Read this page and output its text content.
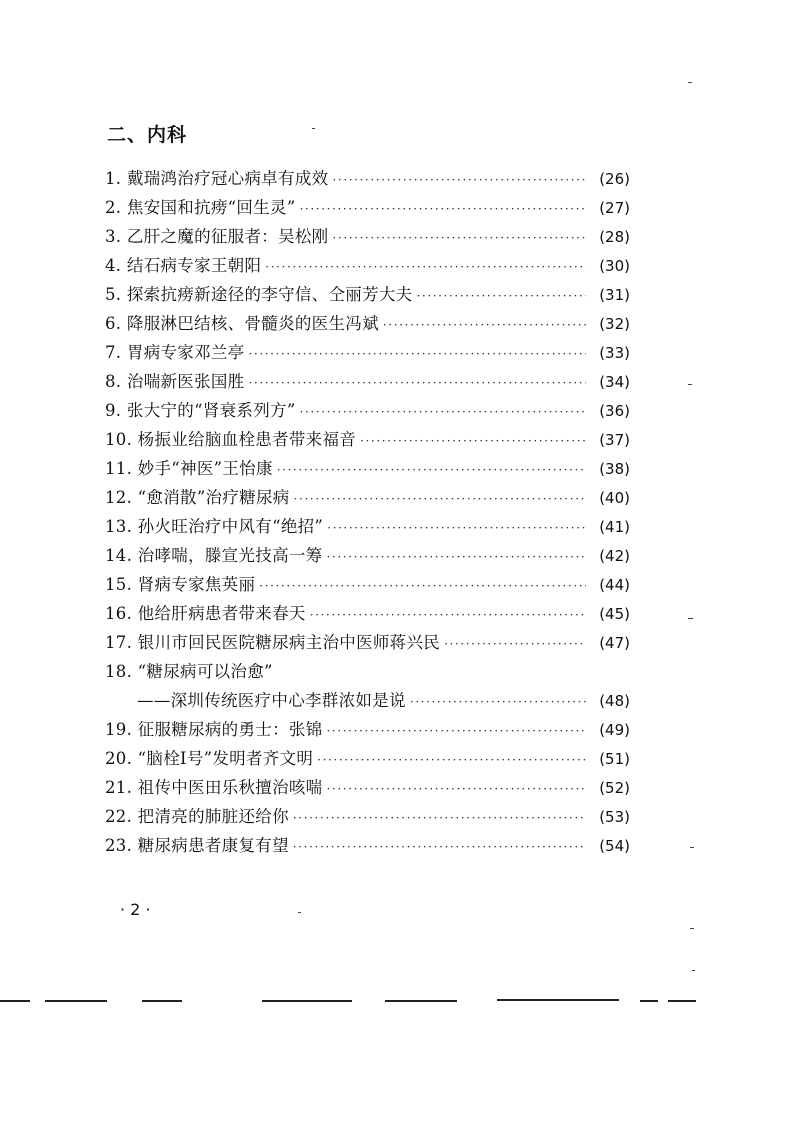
二、内科
1. 戴瑞鸿治疗冠心病卓有成效 ·····	(26)
2. 焦安国和抗痨“回生灵” ·····	(27)
3. 乙肝之魔的征服者：吴松刚 ·····	(28)
4. 结石病专家王朝阳 ·····	(30)
5. 探索抗痨新途径的李守信、仝丽芳大夫 ·····	(31)
6. 降服淋巴结核、骨髓炎的医生冯斌 ·····	(32)
7. 胃病专家邓兰亭 ·····	(33)
8. 治喘新医张国胜 ·····	(34)
9. 张大宁的“肾衰系列方” ·····	(36)
10. 杨振业给脑血栓患者带来福音 ·····	(37)
11. 妙手“神医”王怡康 ·····	(38)
12. “愈消散”治疗糖尿病 ·····	(40)
13. 孙火旺治疗中风有“绝招” ·····	(41)
14. 治哮喘，滕宣光技高一筹 ·····	(42)
15. 肾病专家焦英丽 ·····	(44)
16. 他给肝病患者带来春天 ·····	(45)
17. 银川市回民医院糖尿病主治中医师蒋兴民 ·····	(47)
18. “糖尿病可以治愈”
——深圳传统医疗中心李群浓如是说 ·····	(48)
19. 征服糖尿病的勇士：张锦 ·····	(49)
20. “脑栓Ⅰ号”发明者齐文明 ·····	(51)
21. 祖传中医田乐秋擅治咳喘 ·····	(52)
22. 把清亮的肺脏还给你 ·····	(53)
23. 糖尿病患者康复有望 ·····	(54)
· 2 ·
